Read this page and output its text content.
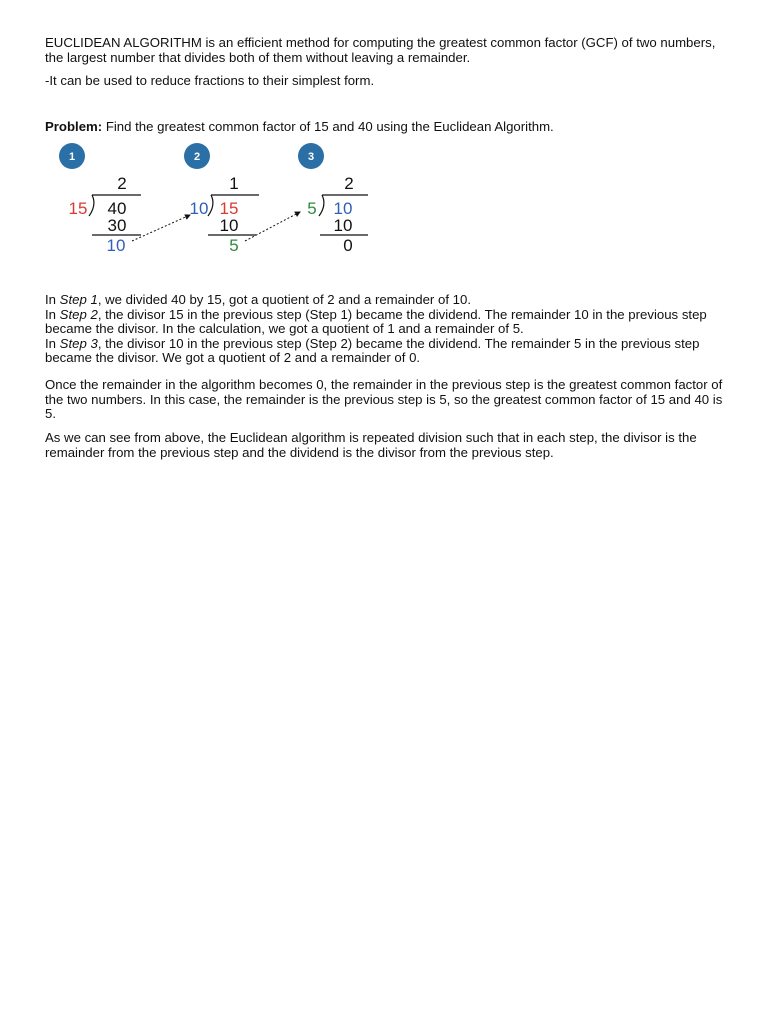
EUCLIDEAN ALGORITHM is an efficient method for computing the greatest common factor (GCF) of two numbers, the largest number that divides both of them without leaving a remainder.

-It can be used to reduce fractions to their simplest form.

Problem: Find the greatest common factor of 15 and 40 using the Euclidean Algorithm.

1
2
15 40
30
10
2
1
10 15
10
5
3
2
5 10
10
0
In Step 1, we divided 40 by 15, got a quotient of 2 and a remainder of 10.
In Step 2, the divisor 15 in the previous step (Step 1) became the dividend. The remainder 10 in the previous step became the divisor. In the calculation, we got a quotient of 1 and a remainder of 5.
In Step 3, the divisor 10 in the previous step (Step 2) became the dividend. The remainder 5 in the previous step became the divisor. We got a quotient of 2 and a remainder of 0.

Once the remainder in the algorithm becomes 0, the remainder in the previous step is the greatest common factor of the two numbers. In this case, the remainder is the previous step is 5, so the greatest common factor of 15 and 40 is 5.

As we can see from above, the Euclidean algorithm is repeated division such that in each step, the divisor is the remainder from the previous step and the dividend is the divisor from the previous step.
